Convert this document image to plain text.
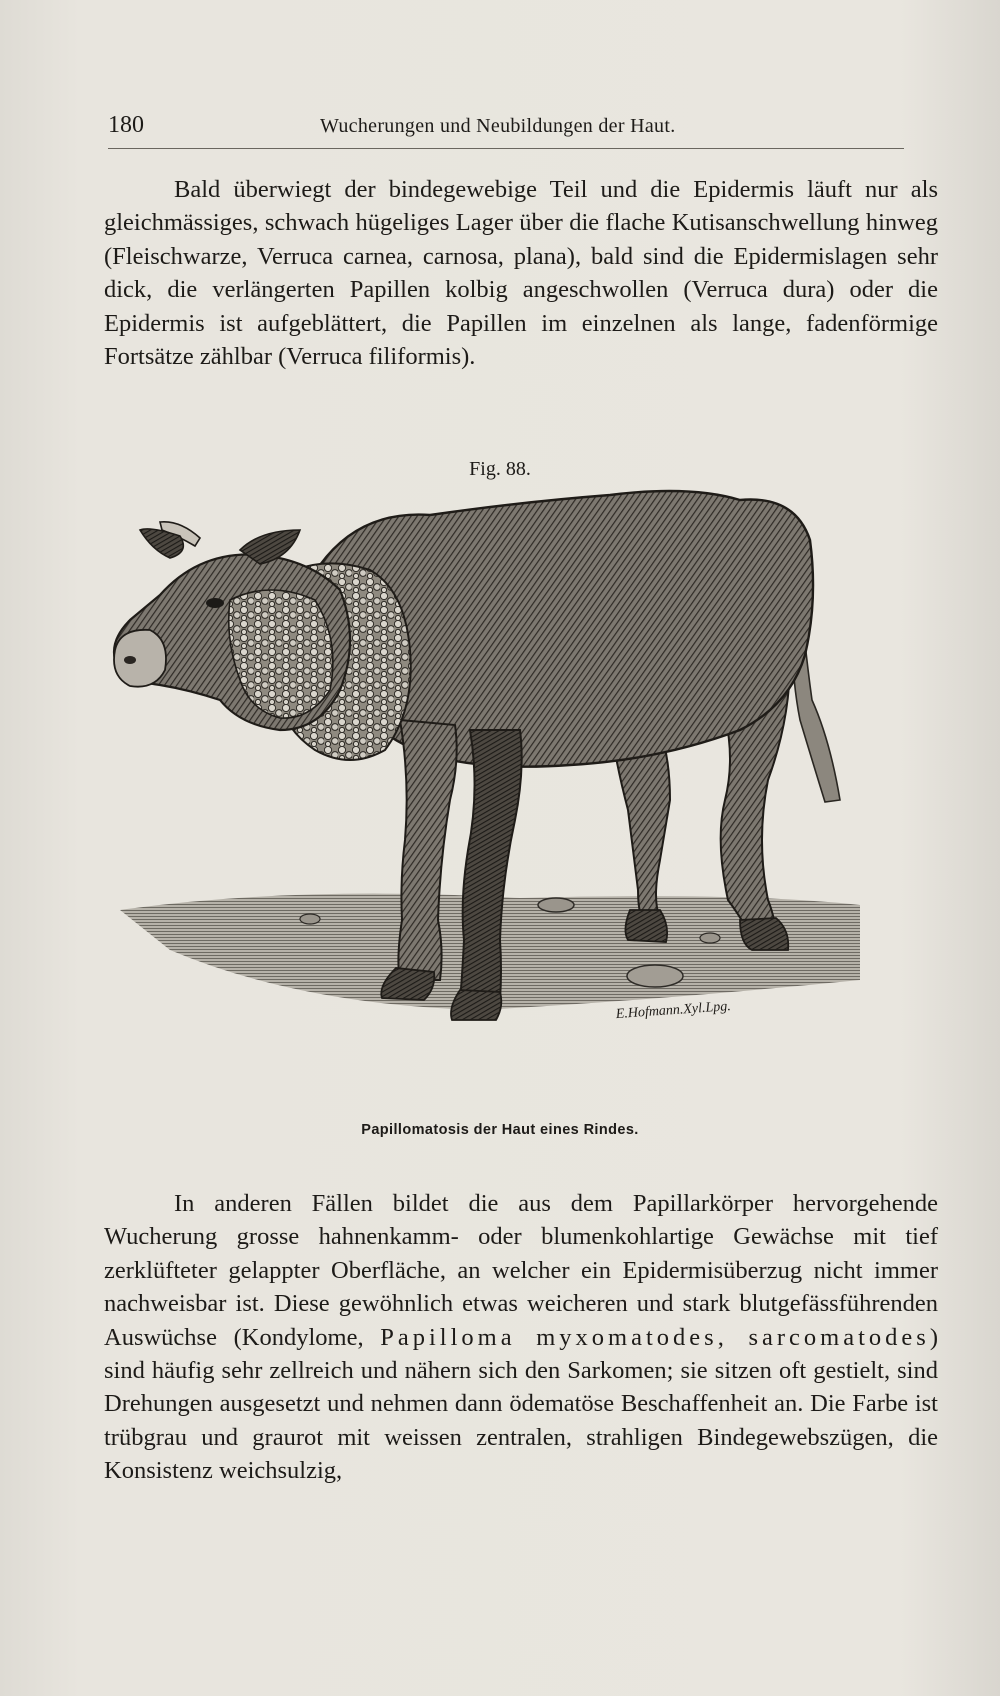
180	Wucherungen und Neubildungen der Haut.

Bald überwiegt der bindegewebige Teil und die Epidermis läuft nur als gleichmässiges, schwach hügeliges Lager über die flache Kutisanschwellung hinweg (Fleischwarze, Verruca carnea, carnosa, plana), bald sind die Epidermislagen sehr dick, die verlängerten Papillen kolbig angeschwollen (Verruca dura) oder die Epidermis ist aufgeblättert, die Papillen im einzelnen als lange, fadenförmige Fortsätze zählbar (Verruca filiformis).

Fig. 88.
E.Hofmann.Xyl.Lpg.
Papillomatosis der Haut eines Rindes.

In anderen Fällen bildet die aus dem Papillarkörper hervorgehende Wucherung grosse hahnenkamm- oder blumenkohlartige Gewächse mit tief zerklüfteter gelappter Oberfläche, an welcher ein Epidermisüberzug nicht immer nachweisbar ist. Diese gewöhnlich etwas weicheren und stark blutgefässführenden Auswüchse (Kondylome, Papilloma myxomatodes, sarcomatodes) sind häufig sehr zellreich und nähern sich den Sarkomen; sie sitzen oft gestielt, sind Drehungen ausgesetzt und nehmen dann ödematöse Beschaffenheit an. Die Farbe ist trübgrau und graurot mit weissen zentralen, strahligen Bindegewebszügen, die Konsistenz weichsulzig,
